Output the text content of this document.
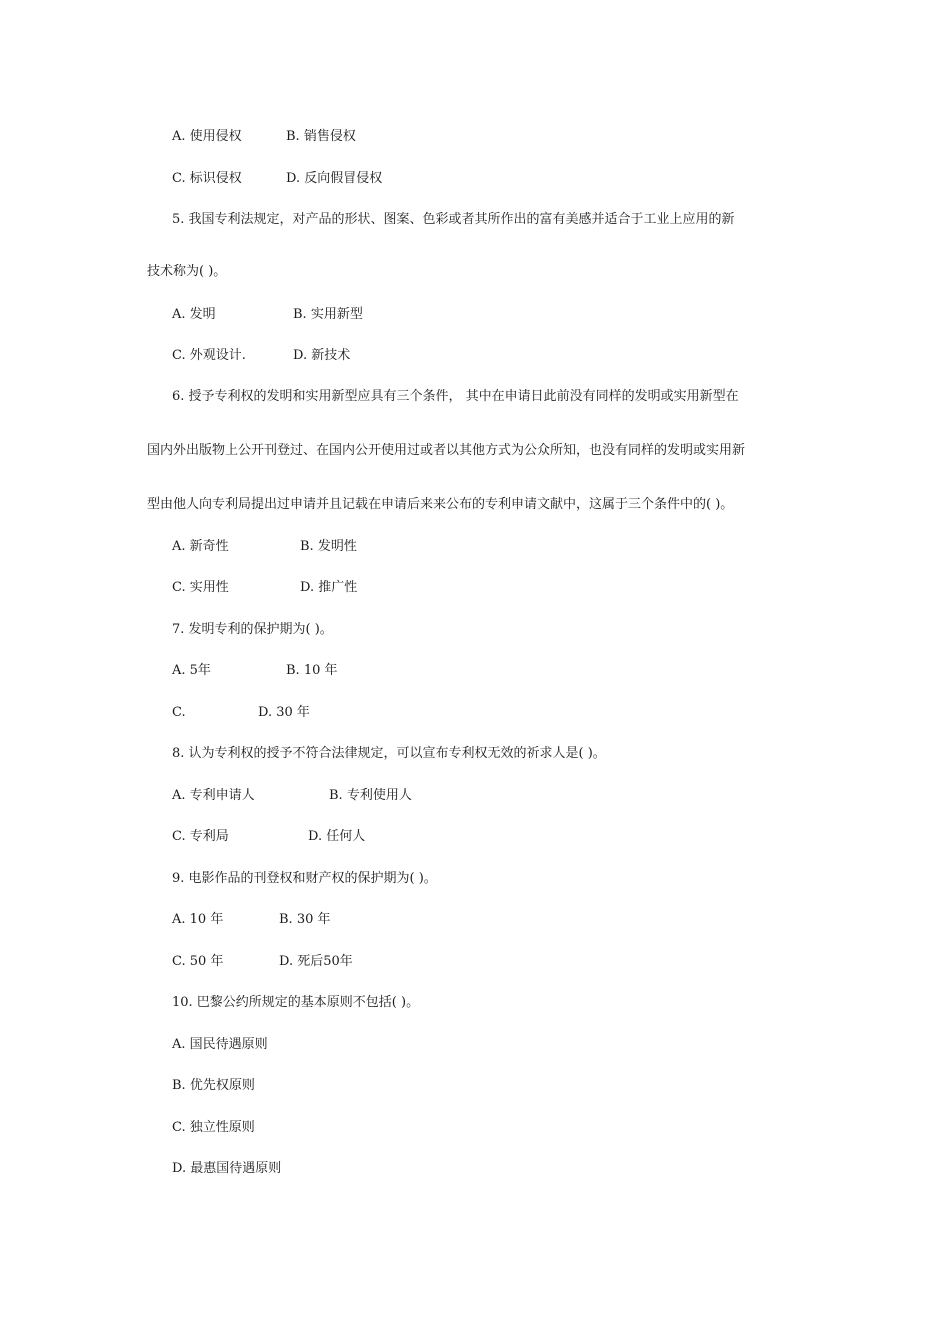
A. 使用侵权	B. 销售侵权
C. 标识侵权	D. 反向假冒侵权
5. 我国专利法规定，对产品的形状、图案、色彩或者其所作出的富有美感并适合于工业上应用的新
技术称为( )。
A. 发明	B. 实用新型
C. 外观设计.	D. 新技术
6. 授予专利权的发明和实用新型应具有三个条件， 其中在申请日此前没有同样的发明或实用新型在
国内外出版物上公开刊登过、在国内公开使用过或者以其他方式为公众所知，也没有同样的发明或实用新
型由他人向专利局提出过申请并且记载在申请后来来公布的专利申请文献中，这属于三个条件中的( )。
A. 新奇性	B. 发明性
C. 实用性	D. 推广性
7. 发明专利的保护期为( )。
A. 5年	B. 10 年
C.	D. 30 年
8. 认为专利权的授予不符合法律规定，可以宣布专利权无效的祈求人是( )。
A. 专利申请人	B. 专利使用人
C. 专利局	D. 任何人
9. 电影作品的刊登权和财产权的保护期为( )。
A. 10 年	B. 30 年
C. 50 年	D. 死后50年
10. 巴黎公约所规定的基本原则不包括( )。
A. 国民待遇原则
B. 优先权原则
C. 独立性原则
D. 最惠国待遇原则
